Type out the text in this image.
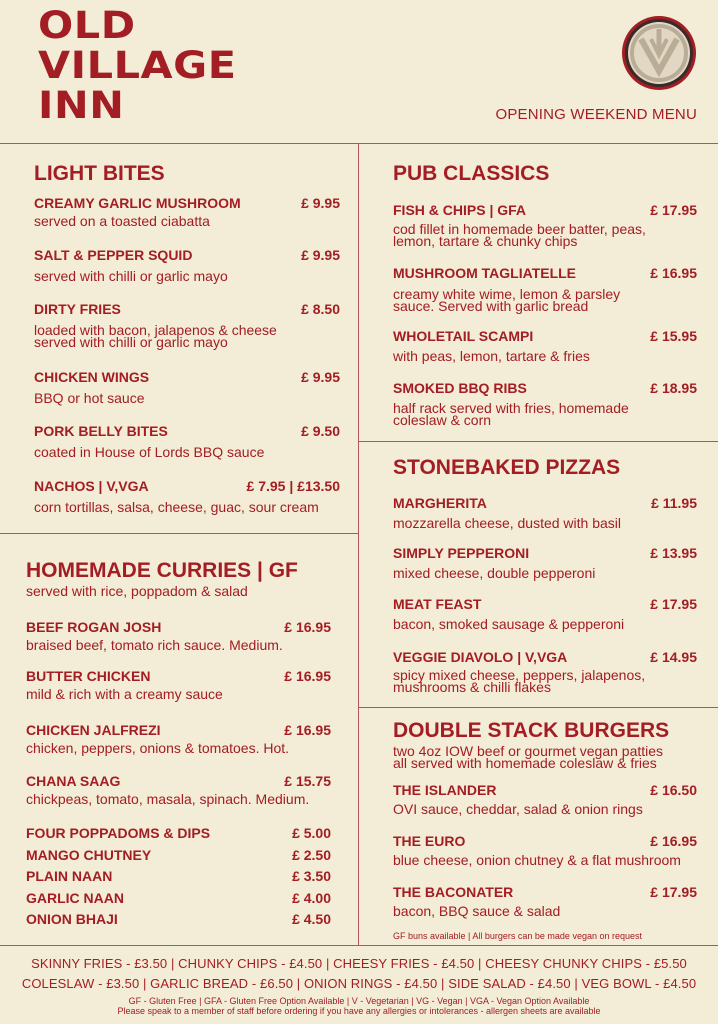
OLD
VILLAGE
INN	OPENING WEEKEND MENU
LIGHT BITES
CREAMY GARLIC MUSHROOM	£ 9.95
served on a toasted ciabatta
SALT & PEPPER SQUID	£ 9.95
served with chilli or garlic mayo
DIRTY FRIES	£ 8.50
loaded with bacon, jalapenos & cheese
served with chilli or garlic mayo
CHICKEN WINGS	£ 9.95
BBQ or hot sauce
PORK BELLY BITES	£ 9.50
coated in House of Lords BBQ sauce
NACHOS | V,VGA	£ 7.95 | £13.50
corn tortillas, salsa, cheese, guac, sour cream
HOMEMADE CURRIES | GF
served with rice, poppadom & salad
BEEF ROGAN JOSH	£ 16.95
braised beef, tomato rich sauce. Medium.
BUTTER CHICKEN	£ 16.95
mild & rich with a creamy sauce
CHICKEN JALFREZI	£ 16.95
chicken, peppers, onions & tomatoes. Hot.
CHANA SAAG	£ 15.75
chickpeas, tomato, masala, spinach. Medium.
FOUR POPPADOMS & DIPS	£ 5.00
MANGO CHUTNEY	£ 2.50
PLAIN NAAN	£ 3.50
GARLIC NAAN	£ 4.00
ONION BHAJI	£ 4.50
PUB CLASSICS
FISH & CHIPS | GFA	£ 17.95
cod fillet in homemade beer batter, peas,
lemon, tartare & chunky chips
MUSHROOM TAGLIATELLE	£ 16.95
creamy white wime, lemon & parsley
sauce. Served with garlic bread
WHOLETAIL SCAMPI	£ 15.95
with peas, lemon, tartare & fries
SMOKED BBQ RIBS	£ 18.95
half rack served with fries, homemade
coleslaw & corn
STONEBAKED PIZZAS
MARGHERITA	£ 11.95
mozzarella cheese, dusted with basil
SIMPLY PEPPERONI	£ 13.95
mixed cheese, double pepperoni
MEAT FEAST	£ 17.95
bacon, smoked sausage & pepperoni
VEGGIE DIAVOLO | V,VGA	£ 14.95
spicy mixed cheese, peppers, jalapenos,
mushrooms & chilli flakes
DOUBLE STACK BURGERS
two 4oz IOW beef or gourmet vegan patties
all served with homemade coleslaw & fries
THE ISLANDER	£ 16.50
OVI sauce, cheddar, salad & onion rings
THE EURO	£ 16.95
blue cheese, onion chutney & a flat mushroom
THE BACONATER	£ 17.95
bacon, BBQ sauce & salad
GF buns available | All burgers can be made vegan on request
SKINNY FRIES - £3.50 | CHUNKY CHIPS - £4.50 | CHEESY FRIES - £4.50 | CHEESY CHUNKY CHIPS - £5.50
COLESLAW - £3.50 | GARLIC BREAD - £6.50 | ONION RINGS - £4.50 | SIDE SALAD - £4.50 | VEG BOWL - £4.50
GF - Gluten Free | GFA - Gluten Free Option Available | V - Vegetarian | VG - Vegan | VGA - Vegan Option Available
Please speak to a member of staff before ordering if you have any allergies or intolerances - allergen sheets are available
